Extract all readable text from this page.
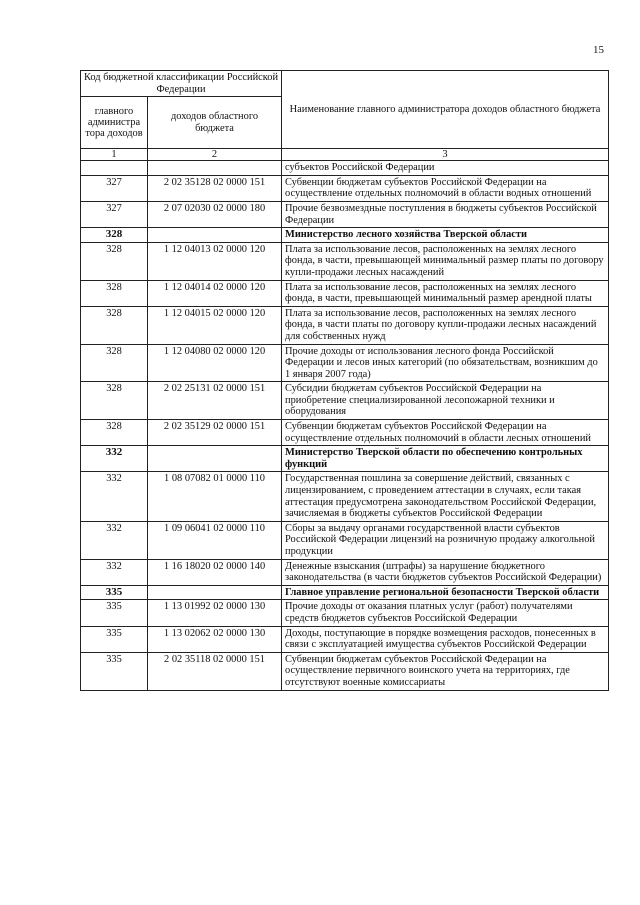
15
Код бюджетной классификации Российской Федерации		Наименование главного администратора доходов областного бюджета
главного администра тора доходов	доходов областного бюджета	
1	2	3
		субъектов Российской Федерации
327	2 02 35128 02 0000 151	Субвенции бюджетам субъектов Российской Федерации на осуществление отдельных полномочий в области водных отношений
327	2 07 02030 02 0000 180	Прочие безвозмездные поступления в бюджеты субъектов Российской Федерации
328		Министерство лесного хозяйства Тверской области
328	1 12 04013 02 0000 120	Плата за использование лесов, расположенных на землях лесного фонда, в части, превышающей минимальный размер платы по договору купли-продажи лесных насаждений
328	1 12 04014 02 0000 120	Плата за использование лесов, расположенных на землях лесного фонда, в части, превышающей минимальный размер арендной платы
328	1 12 04015 02 0000 120	Плата за использование лесов, расположенных на землях лесного фонда, в части платы по договору купли-продажи лесных насаждений для собственных нужд
328	1 12 04080 02 0000 120	Прочие доходы от использования лесного фонда Российской Федерации и лесов иных категорий (по обязательствам, возникшим до 1 января 2007 года)
328	2 02 25131 02 0000 151	Субсидии бюджетам субъектов Российской Федерации на приобретение специализированной лесопожарной техники и оборудования
328	2 02 35129 02 0000 151	Субвенции бюджетам субъектов Российской Федерации на осуществление отдельных полномочий в области лесных отношений
332		Министерство Тверской области по обеспечению контрольных функций
332	1 08 07082 01 0000 110	Государственная пошлина за совершение действий, связанных с лицензированием, с проведением аттестации в случаях, если такая аттестация предусмотрена законодательством Российской Федерации, зачисляемая в бюджеты субъектов Российской Федерации
332	1 09 06041 02 0000 110	Сборы за выдачу органами государственной власти субъектов Российской Федерации лицензий на розничную продажу алкогольной продукции
332	1 16 18020 02 0000 140	Денежные взыскания (штрафы) за нарушение бюджетного законодательства (в части бюджетов субъектов Российской Федерации)
335		Главное управление региональной безопасности Тверской области
335	1 13 01992 02 0000 130	Прочие доходы от оказания платных услуг (работ) получателями средств бюджетов субъектов Российской Федерации
335	1 13 02062 02 0000 130	Доходы, поступающие в порядке возмещения расходов, понесенных в связи с эксплуатацией имущества субъектов Российской Федерации
335	2 02 35118 02 0000 151	Субвенции бюджетам субъектов Российской Федерации на осуществление первичного воинского учета на территориях, где отсутствуют военные комиссариаты
